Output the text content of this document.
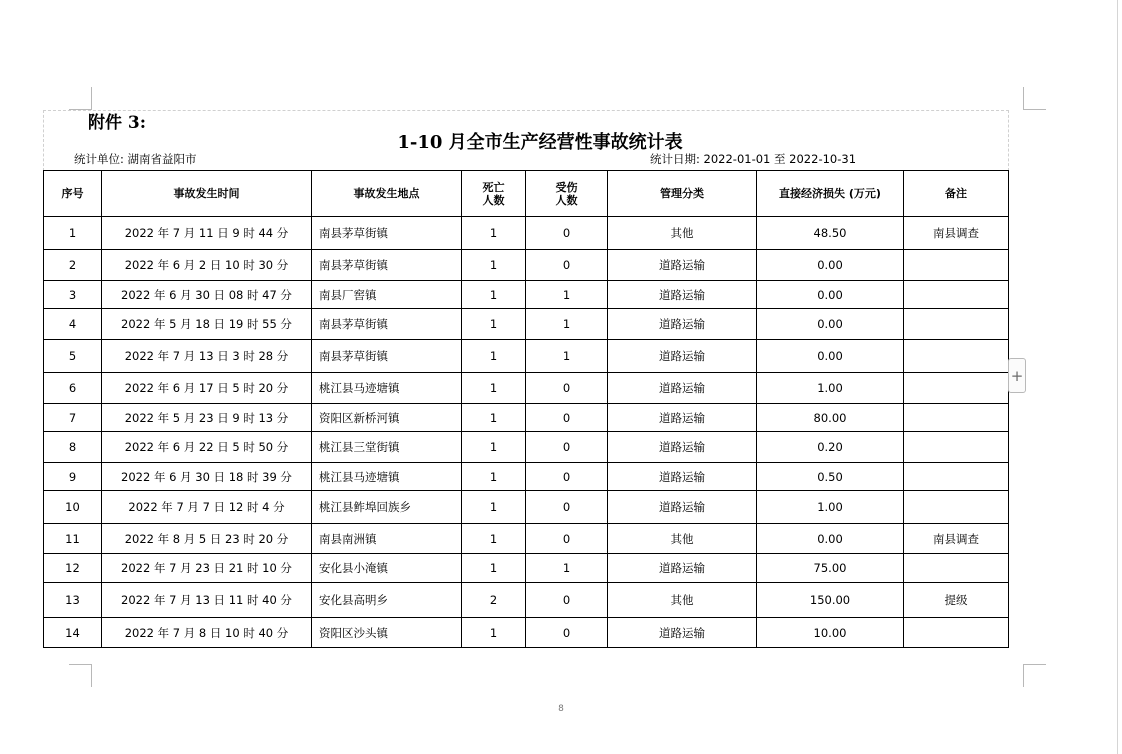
附件 3:
1-10 月全市生产经营性事故统计表
统计单位: 湖南省益阳市	统计日期: 2022-01-01 至 2022-10-31
序号	事故发生时间	事故发生地点	死亡
人数	受伤
人数	管理分类	直接经济损失 (万元)	备注
1	2022 年 7 月 11 日 9 时 44 分	南县茅草街镇	1	0	其他	48.50	南县调查
2	2022 年 6 月 2 日 10 时 30 分	南县茅草街镇	1	0	道路运输	0.00	
3	2022 年 6 月 30 日 08 时 47 分	南县厂窖镇	1	1	道路运输	0.00	
4	2022 年 5 月 18 日 19 时 55 分	南县茅草街镇	1	1	道路运输	0.00	
5	2022 年 7 月 13 日 3 时 28 分	南县茅草街镇	1	1	道路运输	0.00	
6	2022 年 6 月 17 日 5 时 20 分	桃江县马迹塘镇	1	0	道路运输	1.00	
7	2022 年 5 月 23 日 9 时 13 分	资阳区新桥河镇	1	0	道路运输	80.00	
8	2022 年 6 月 22 日 5 时 50 分	桃江县三堂街镇	1	0	道路运输	0.20	
9	2022 年 6 月 30 日 18 时 39 分	桃江县马迹塘镇	1	0	道路运输	0.50	
10	2022 年 7 月 7 日 12 时 4 分	桃江县鲊埠回族乡	1	0	道路运输	1.00	
11	2022 年 8 月 5 日 23 时 20 分	南县南洲镇	1	0	其他	0.00	南县调查
12	2022 年 7 月 23 日 21 时 10 分	安化县小淹镇	1	1	道路运输	75.00	
13	2022 年 7 月 13 日 11 时 40 分	安化县高明乡	2	0	其他	150.00	提级
14	2022 年 7 月 8 日 10 时 40 分	资阳区沙头镇	1	0	道路运输	10.00	
+
8
